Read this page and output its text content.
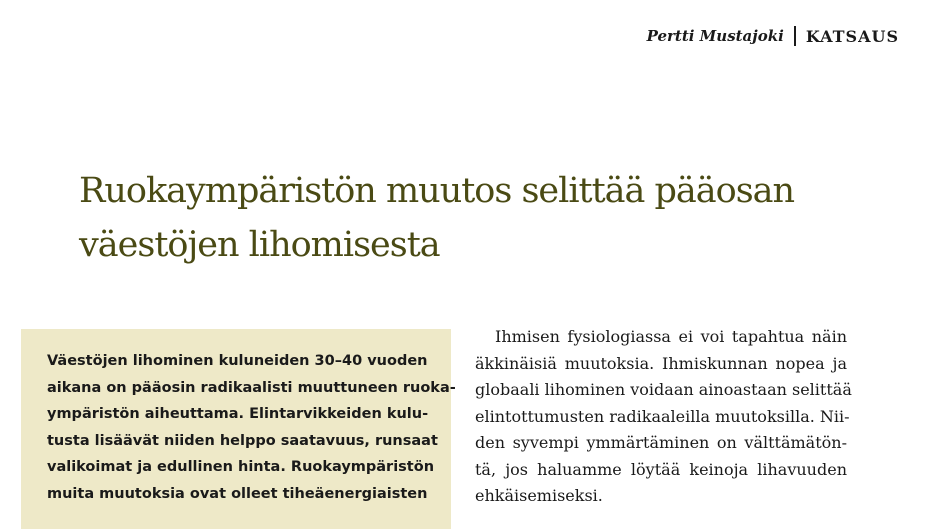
Pertti Mustajoki KATSAUS
Ruokaympäristön muutos selittää pääosan
väestöjen lihomisesta
Väestöjen lihominen kuluneiden 30–40 vuoden
aikana on pääosin radikaalisti muuttuneen ruoka-
ympäristön aiheuttama. Elintarvikkeiden kulu-
tusta lisäävät niiden helppo saatavuus, runsaat
valikoimat ja edullinen hinta. Ruokaympäristön
muita muutoksia ovat olleet tiheäenergiaisten
Ihmisen fysiologiassa ei voi tapahtua näin
äkkinäisiä muutoksia. Ihmiskunnan nopea ja
globaali lihominen voidaan ainoastaan selittää
elintottumusten radikaaleilla muutoksilla. Nii-
den syvempi ymmärtäminen on välttämätön-
tä, jos haluamme löytää keinoja lihavuuden
ehkäisemiseksi.
